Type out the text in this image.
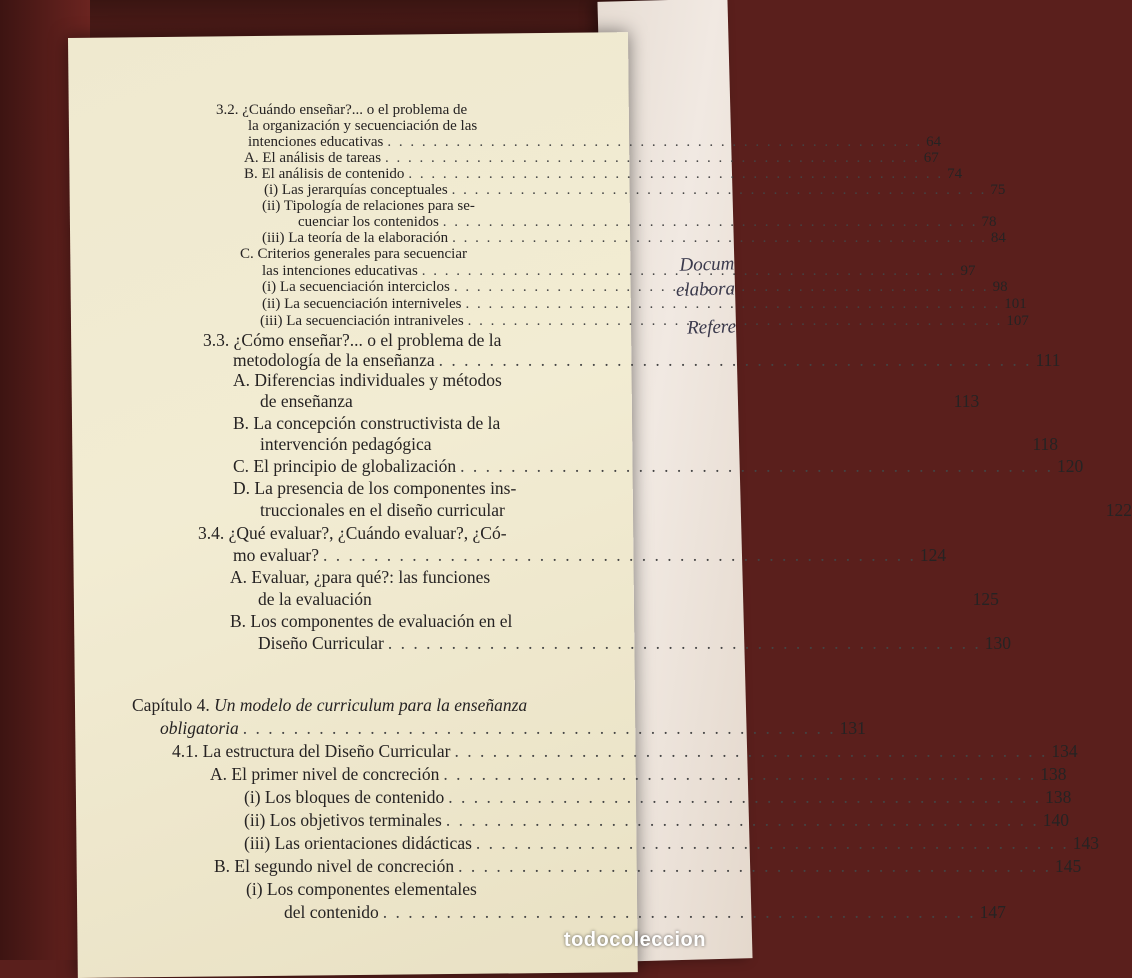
Docum
elabora
Refere
3.2. ¿Cuándo enseñar?... o el problema de
la organización y secuenciación de las
intenciones educativas . . .	64
A. El análisis de tareas . . .	67
B. El análisis de contenido . . .	74
(i) Las jerarquías conceptuales . . .	75
(ii) Tipología de relaciones para se-
cuenciar los contenidos . . .	78
(iii) La teoría de la elaboración . . .	84
C. Criterios generales para secuenciar
las intenciones educativas . . .	97
(i) La secuenciación interciclos . . .	98
(ii) La secuenciación interniveles . . .	101
(iii) La secuenciación intraniveles . . .	107
3.3. ¿Cómo enseñar?... o el problema de la
metodología de la enseñanza . . .	111
A. Diferencias individuales y métodos
de enseñanza	113
B. La concepción constructivista de la
intervención pedagógica	118
C. El principio de globalización . . .	120
D. La presencia de los componentes ins-
truccionales en el diseño curricular	122
3.4. ¿Qué evaluar?, ¿Cuándo evaluar?, ¿Có-
mo evaluar? . . .	124
A. Evaluar, ¿para qué?: las funciones
de la evaluación	125
B. Los componentes de evaluación en el
Diseño Curricular . . .	130
Capítulo 4.
Un modelo de curriculum para la enseñanza
obligatoria . . .	131
4.1. La estructura del Diseño Curricular . . .	134
A. El primer nivel de concreción . . .	138
(i) Los bloques de contenido . . .	138
(ii) Los objetivos terminales . . .	140
(iii) Las orientaciones didácticas . . .	143
B. El segundo nivel de concreción . . .	145
(i) Los componentes elementales
del contenido . . .	147
todocoleccion
